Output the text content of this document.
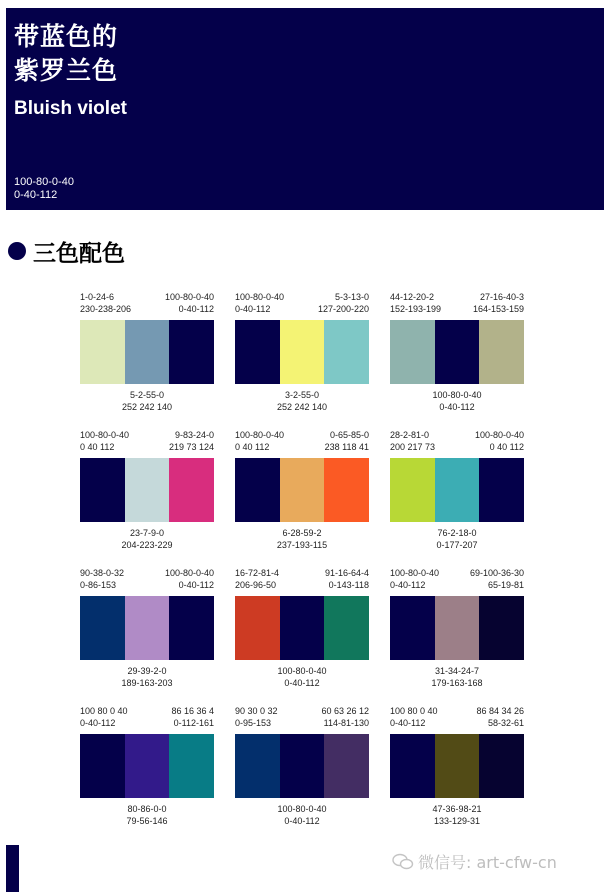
带蓝色的
紫罗兰色
Bluish violet
100-80-0-40
0-40-112
三色配色
1-0-24-6
230-238-206
100-80-0-40
0-40-112
5-2-55-0
252 242 140
100-80-0-40
0-40-112
5-3-13-0
127-200-220
3-2-55-0
252 242 140
44-12-20-2
152-193-199
27-16-40-3
164-153-159
100-80-0-40
0-40-112
100-80-0-40
0 40 112
9-83-24-0
219 73 124
23-7-9-0
204-223-229
100-80-0-40
0 40 112
0-65-85-0
238 118 41
6-28-59-2
237-193-115
28-2-81-0
200 217 73
100-80-0-40
0 40 112
76-2-18-0
0-177-207
90-38-0-32
0-86-153
100-80-0-40
0-40-112
29-39-2-0
189-163-203
16-72-81-4
206-96-50
91-16-64-4
0-143-118
100-80-0-40
0-40-112
100-80-0-40
0-40-112
69-100-36-30
65-19-81
31-34-24-7
179-163-168
100 80 0 40
0-40-112
86 16 36 4
0-112-161
80-86-0-0
79-56-146
90 30 0 32
0-95-153
60 63 26 12
114-81-130
100-80-0-40
0-40-112
100 80 0 40
0-40-112
86 84 34 26
58-32-61
47-36-98-21
133-129-31
微信号: art-cfw-cn
